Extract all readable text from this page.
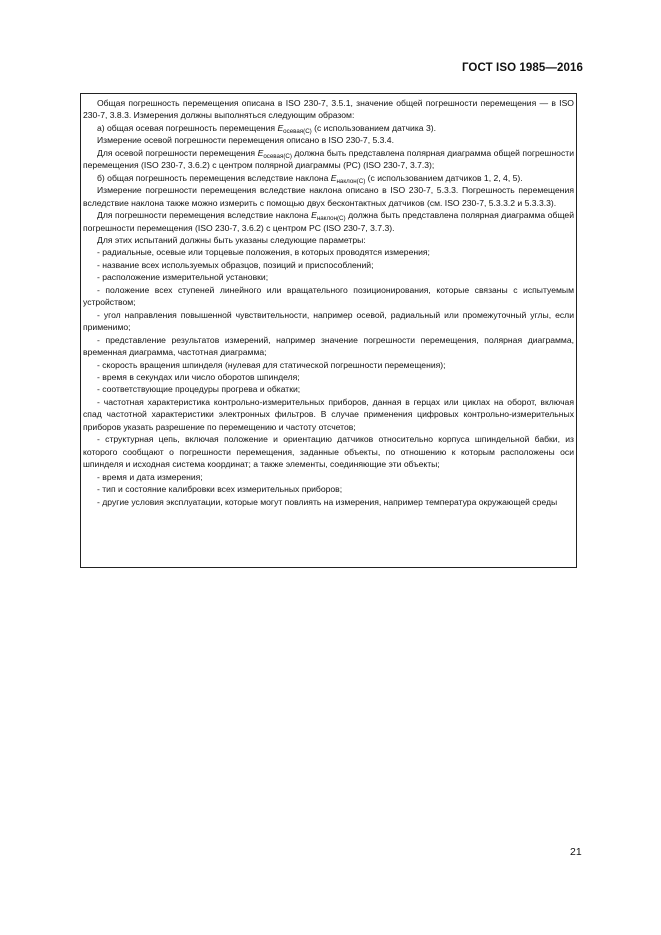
ГОСТ ISO 1985—2016

Общая погрешность перемещения описана в ISO 230-7, 3.5.1, значение общей погрешности перемещения — в ISO 230-7, 3.8.3. Измерения должны выполняться следующим образом:

а) общая осевая погрешность перемещения $E_{осевая(C)}$ (с использованием датчика 3).

Измерение осевой погрешности перемещения описано в ISO 230-7, 5.3.4.

Для осевой погрешности перемещения $E_{осевая(C)}$ должна быть представлена полярная диаграмма общей погрешности перемещения (ISO 230-7, 3.6.2) с центром полярной диаграммы (PC) (ISO 230-7, 3.7.3);

б) общая погрешность перемещения вследствие наклона $E_{наклон(C)}$ (с использованием датчиков 1, 2, 4, 5).

Измерение погрешности перемещения вследствие наклона описано в ISO 230-7, 5.3.3. Погрешность перемещения вследствие наклона также можно измерить с помощью двух бесконтактных датчиков (см. ISO 230-7, 5.3.3.2 и 5.3.3.3).

Для погрешности перемещения вследствие наклона $E_{наклон(C)}$ должна быть представлена полярная диаграмма общей погрешности перемещения (ISO 230-7, 3.6.2) с центром PC (ISO 230-7, 3.7.3).

Для этих испытаний должны быть указаны следующие параметры:

- радиальные, осевые или торцевые положения, в которых проводятся измерения;

- название всех используемых образцов, позиций и приспособлений;

- расположение измерительной установки;

- положение всех ступеней линейного или вращательного позиционирования, которые связаны с испытуемым устройством;

- угол направления повышенной чувствительности, например осевой, радиальный или промежуточный углы, если применимо;

- представление результатов измерений, например значение погрешности перемещения, полярная диаграмма, временная диаграмма, частотная диаграмма;

- скорость вращения шпинделя (нулевая для статической погрешности перемещения);

- время в секундах или число оборотов шпинделя;

- соответствующие процедуры прогрева и обкатки;

- частотная характеристика контрольно-измерительных приборов, данная в герцах или циклах на оборот, включая спад частотной характеристики электронных фильтров. В случае применения цифровых контрольно-измерительных приборов указать разрешение по перемещению и частоту отсчетов;

- структурная цепь, включая положение и ориентацию датчиков относительно корпуса шпиндельной бабки, из которого сообщают о погрешности перемещения, заданные объекты, по отношению к которым расположены оси шпинделя и исходная система координат; а также элементы, соединяющие эти объекты;

- время и дата измерения;

- тип и состояние калибровки всех измерительных приборов;

- другие условия эксплуатации, которые могут повлиять на измерения, например температура окружающей среды

21
